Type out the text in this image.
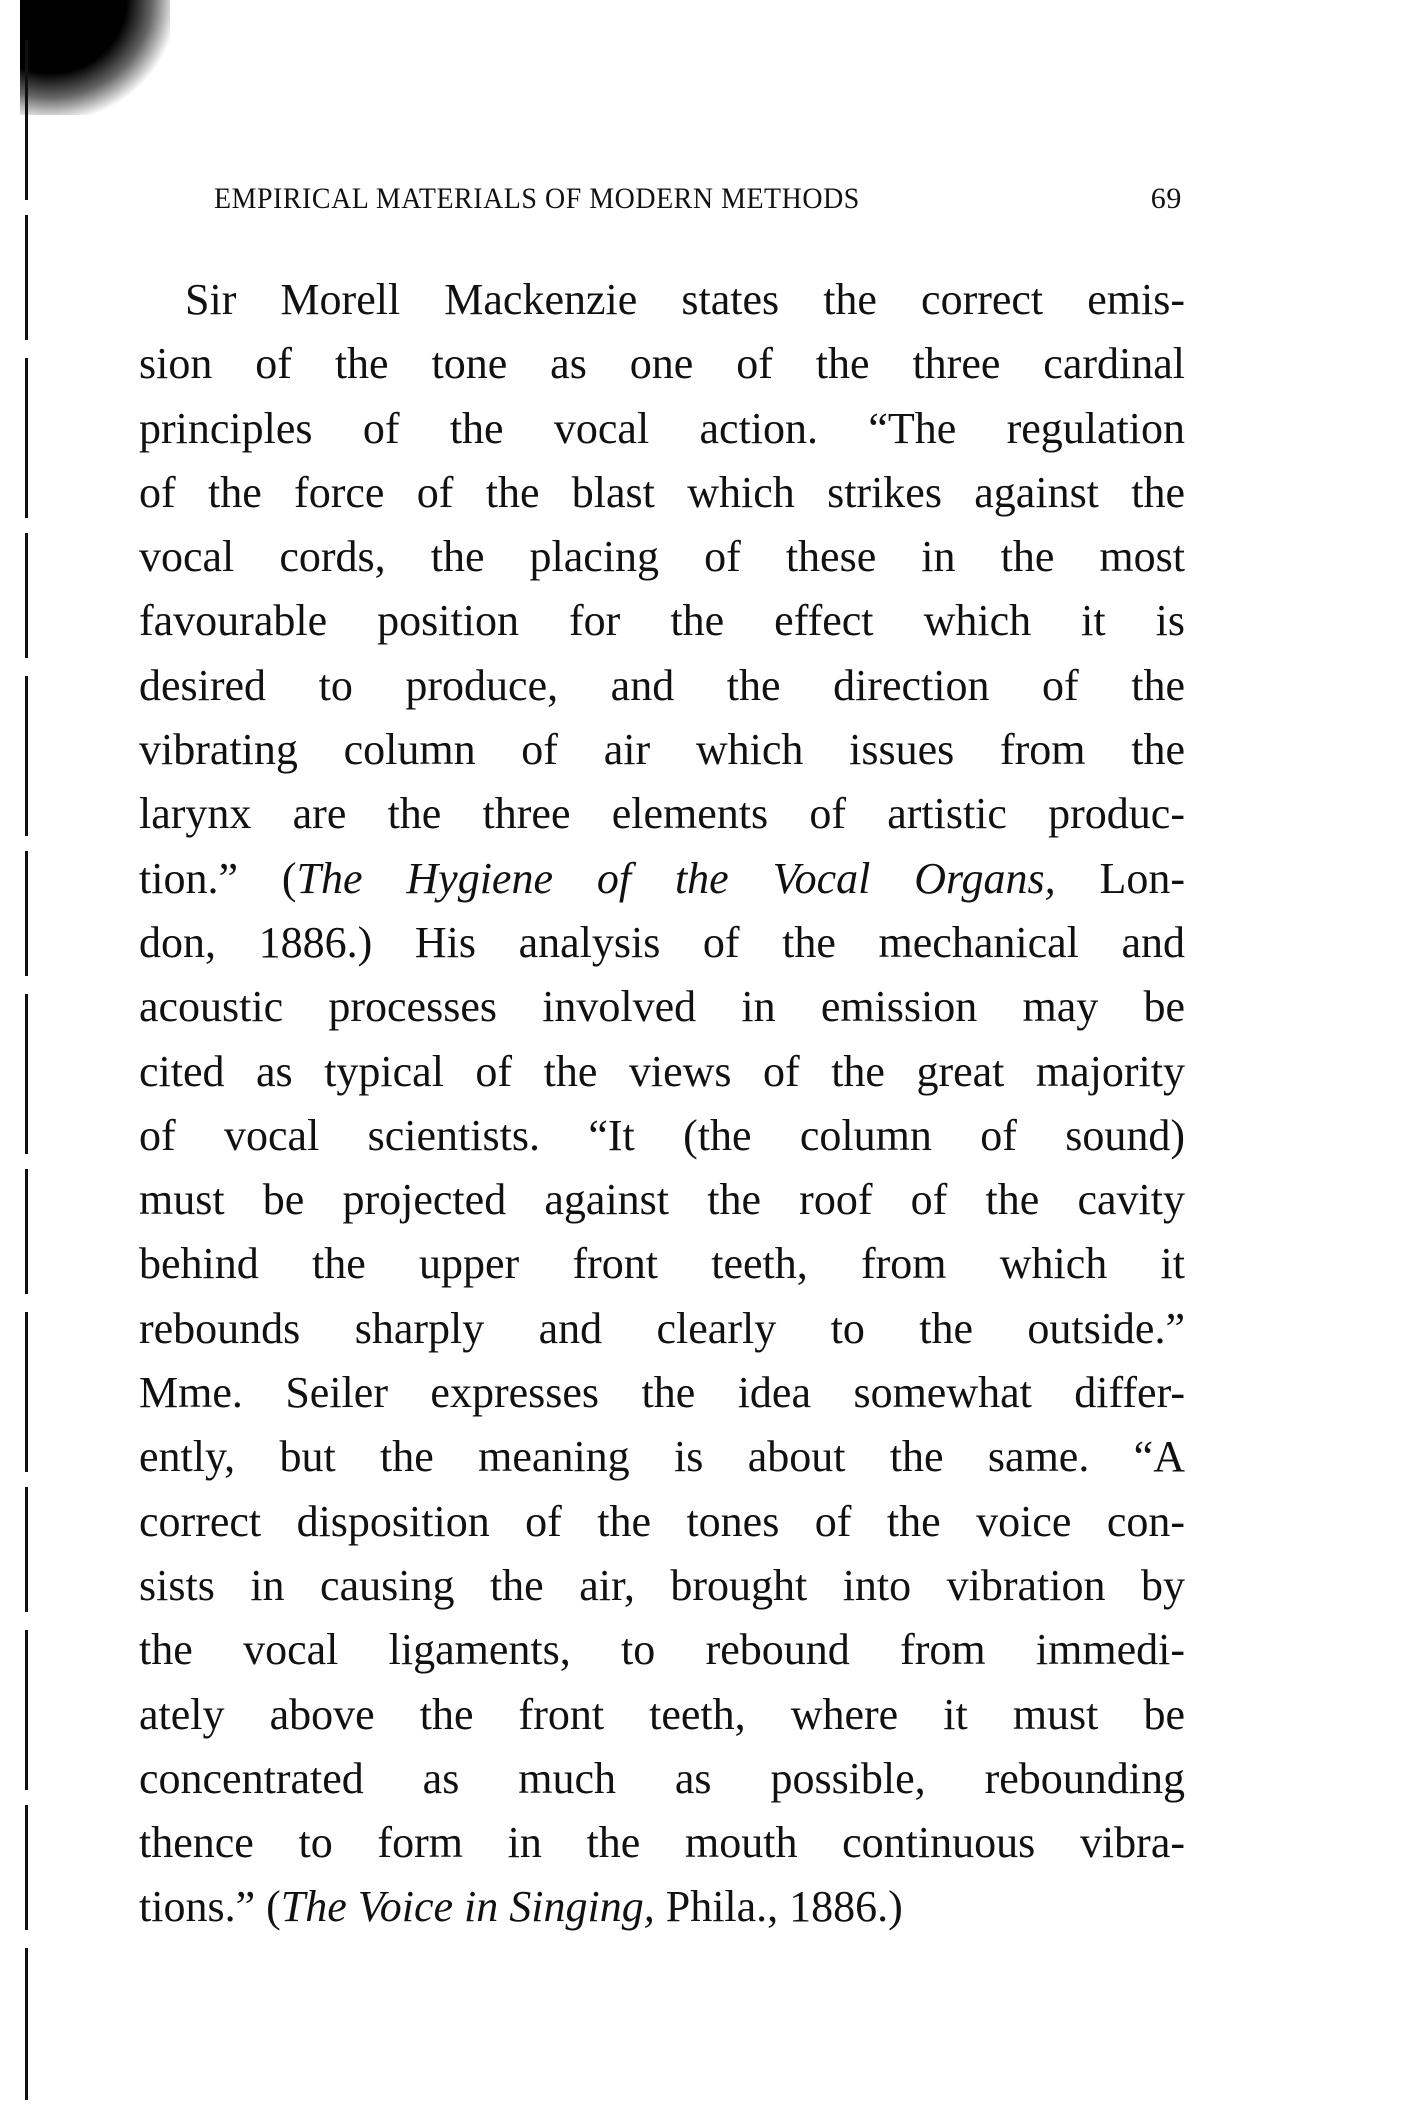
EMPIRICAL MATERIALS OF MODERN METHODS	69
Sir Morell Mackenzie states the correct emis-
sion of the tone as one of the three cardinal
principles of the vocal action. “The regulation
of the force of the blast which strikes against the
vocal cords, the placing of these in the most
favourable position for the effect which it is
desired to produce, and the direction of the
vibrating column of air which issues from the
larynx are the three elements of artistic produc-
tion.” (The Hygiene of the Vocal Organs, Lon-
don, 1886.) His analysis of the mechanical and
acoustic processes involved in emission may be
cited as typical of the views of the great majority
of vocal scientists. “It (the column of sound)
must be projected against the roof of the cavity
behind the upper front teeth, from which it
rebounds sharply and clearly to the outside.”
Mme. Seiler expresses the idea somewhat differ-
ently, but the meaning is about the same. “A
correct disposition of the tones of the voice con-
sists in causing the air, brought into vibration by
the vocal ligaments, to rebound from immedi-
ately above the front teeth, where it must be
concentrated as much as possible, rebounding
thence to form in the mouth continuous vibra-
tions.” (The Voice in Singing, Phila., 1886.)
